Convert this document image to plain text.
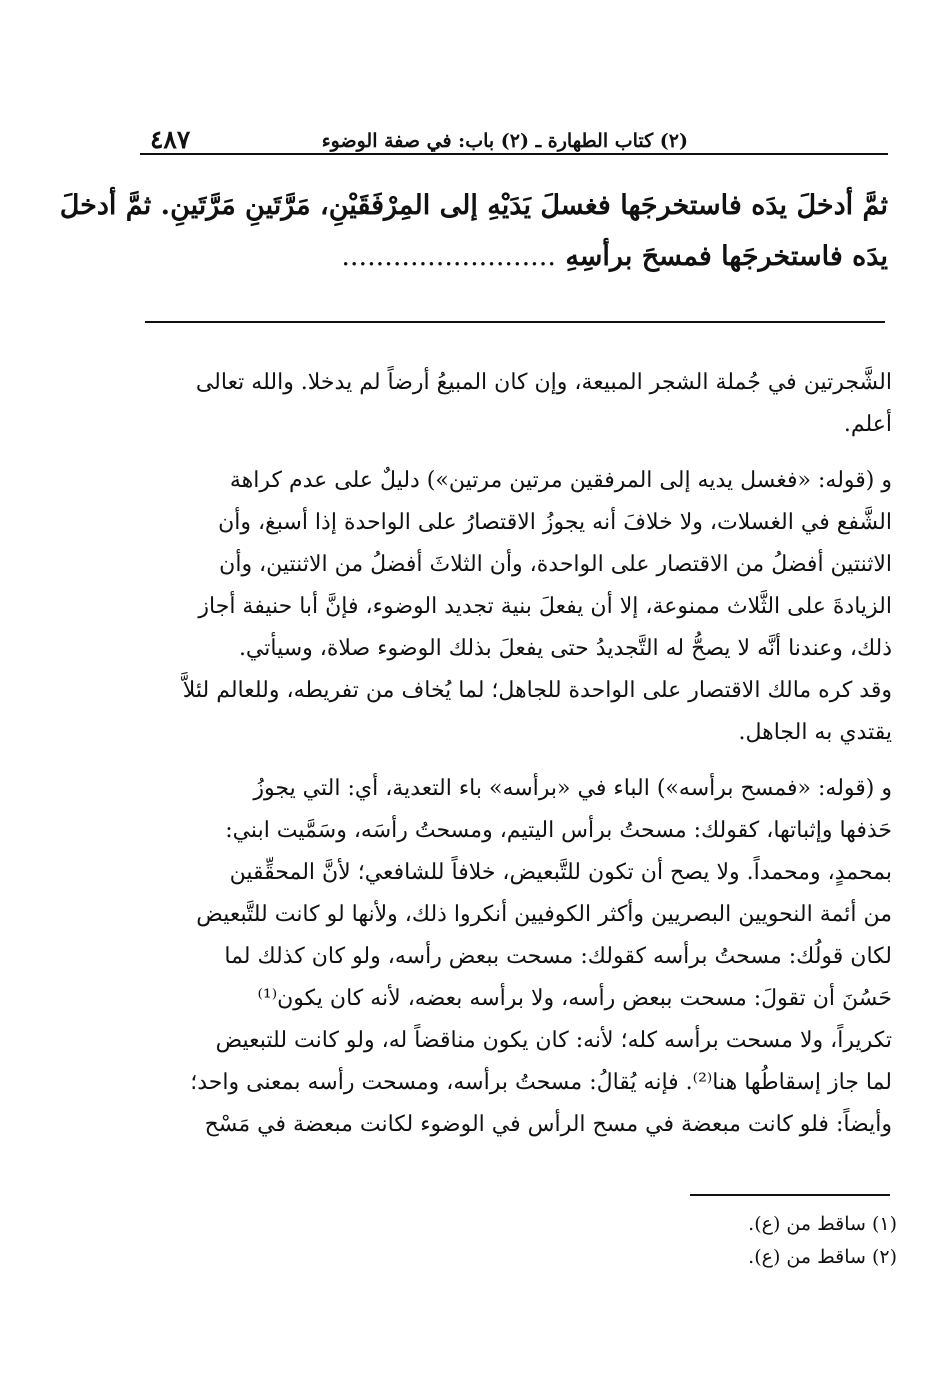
٤٨٧	(٢) كتاب الطهارة ـ (٢) باب: في صفة الوضوء
ثمَّ أدخلَ يدَه فاستخرجَها فغسلَ يَدَيْهِ إلى المِرْفَقَيْنِ، مَرَّتَينِ مَرَّتَينِ. ثمَّ أدخلَ
يدَه فاستخرجَها فمسحَ برأسِهِ .........................
الشَّجرتين في جُملة الشجر المبيعة، وإن كان المبيعُ أرضاً لم يدخلا. والله تعالى
أعلم.
و (قوله: «فغسل يديه إلى المرفقين مرتين مرتين») دليلٌ على عدم كراهة
الشَّفع في الغسلات، ولا خلافَ أنه يجوزُ الاقتصارُ على الواحدة إذا أسبغ، وأن
الاثنتين أفضلُ من الاقتصار على الواحدة، وأن الثلاثَ أفضلُ من الاثنتين، وأن
الزيادةَ على الثَّلاث ممنوعة، إلا أن يفعلَ بنية تجديد الوضوء، فإنَّ أبا حنيفة أجاز
ذلك، وعندنا أنَّه لا يصحُّ له التَّجديدُ حتى يفعلَ بذلك الوضوء صلاة، وسيأتي.
وقد كره مالك الاقتصار على الواحدة للجاهل؛ لما يُخاف من تفريطه، وللعالم لئلاَّ
يقتدي به الجاهل.
و (قوله: «فمسح برأسه») الباء في «برأسه» باء التعدية، أي: التي يجوزُ
حَذفها وإثباتها، كقولك: مسحتُ برأس اليتيم، ومسحتُ رأسَه، وسَمَّيت ابني:
بمحمدٍ، ومحمداً. ولا يصح أن تكون للتَّبعيض، خلافاً للشافعي؛ لأنَّ المحقِّقين
من أئمة النحويين البصريين وأكثر الكوفيين أنكروا ذلك، ولأنها لو كانت للتَّبعيض
لكان قولُك: مسحتُ برأسه كقولك: مسحت ببعض رأسه، ولو كان كذلك لما
حَسُنَ أن تقولَ: مسحت ببعض رأسه، ولا برأسه بعضه، لأنه كان يكون⁽¹⁾
تكريراً، ولا مسحت برأسه كله؛ لأنه: كان يكون مناقضاً له، ولو كانت للتبعيض
لما جاز إسقاطُها هنا⁽²⁾. فإنه يُقالُ: مسحتُ برأسه، ومسحت رأسه بمعنى واحد؛
وأيضاً: فلو كانت مبعضة في مسح الرأس في الوضوء لكانت مبعضة في مَسْح
(١) ساقط من (ع).
(٢) ساقط من (ع).
